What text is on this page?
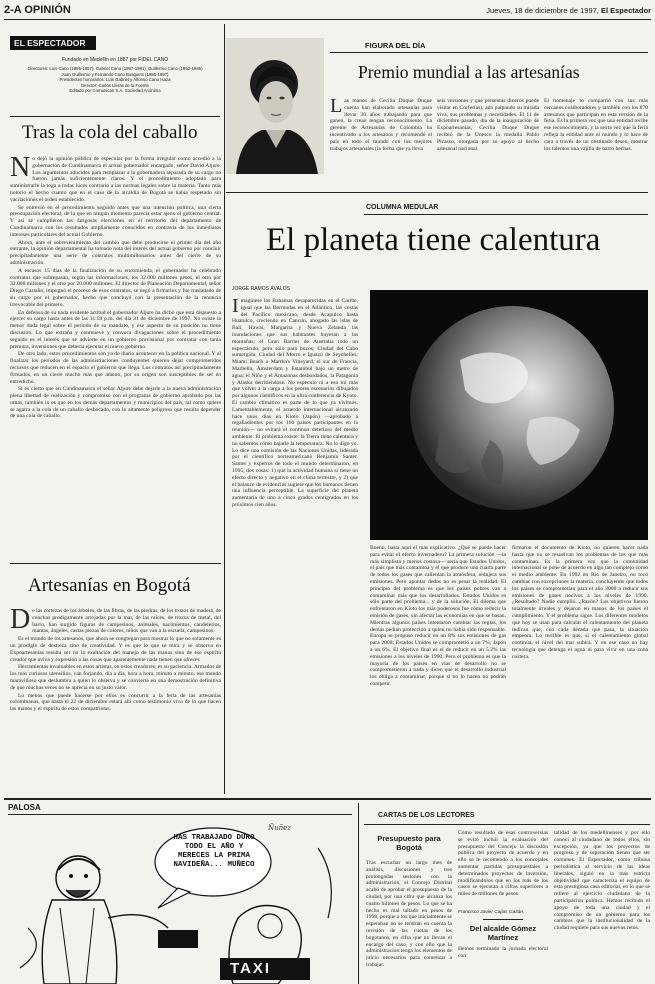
2-A OPINIÓN	Jueves, 18 de diciembre de 1997, El Espectador
EL ESPECTADOR
Fundado en Medellín en 1887 por FIDEL CANO
Directores: Luis Cano (1895-1957), Gabriel Cano (1957-1981), Guillermo Cano (1952-1986)
Juan Guillermo y Fernando Cano Busquets (1986-1997)
Presidentes honorarios: Luis Gabriel y Alfonso Cano Isaza
Director: Carlos Lleras de la Fuente
Editado por Comunican S.A. Sociedad Anónima
Tras la cola del caballo

No dejó la opinión pública de especular por la forma irregular como accedió a la gobernación de Cundinamarca el actual gobernador encargado, señor David Aljure. Los argumentos aducidos para remplazar a la gobernadora separada de su cargo no fueron jamás suficientemente claros. Y el procedimiento adoptado para suministrarle la toga a todas luces contrario a las normas legales sobre la materia. Tanto más notorio el hecho cuanto que en el caso de la alcaldía de Bogotá se había respetado sin vacilaciones el orden establecido.

Se entrevió en el procedimiento seguido antes que una intención política, una cierta preocupación electoral, de la que en ningún momento parecía estar ajeno el gobierno central. Y así se cumplieron las fatigosas elecciones en el territorio del departamento de Cundinamarca con los resultados ampliamente conocidos en contravía de los inmediatos intereses particulares del actual Gobierno.

Ahora, ante el sobrevenimiento del cambio que debe producirse el primer día del año entrante, la opinión departamental ha tomado nota del interés del actual gobierno por concluir precipitadamente una serie de contratos multimillonarios antes del cierre de su administración.

A escasos 15 días de la finalización de su encomienda, el gobernador ha celebrado contratos que sobrepasan, según las informaciones, los 32.000 millones pesos, el otro por 32.000 millones y el otro por 20.000 millones. El director de Planeación Departamental, señor Diego Castaño, impugnó el proceso de esos contratos, se negó a firmarlos y fue trasladado de su cargo por el gobernador, hecho que concluyó con la presentación de la renuncia irrevocable del primero.

En defensa de su nada evidente actitud el gobernador Aljure ha dicho que está dispuesto a ejercer su cargo hasta antes de las 11:59 p.m. del día 31 de diciembre de 1997. No existe la menor duda legal sobre el período de su mandato, y ese aspecto de su posición no tiene discusión. Lo que extraña y conmueve y convoca divagaciones sobre el procedimiento seguido es el interés que se advierte en un gobierno provisional por contratar con tanta premura, inversiones que debería ejecutar el nuevo gobierno.

De otro lado, estos procedimientos son ya de diario acontecer en la política nacional. Y al finalizar los períodos de las administraciones conduyentes quieren dejar comprometidos recursos que reducen en el espacio el gobierno que llega. Los contratos así precipitadamente firmados, en un cierre mucho más que ameno, por su origen son susceptibles de ser en entredicho.

Sí es cierto que en Cundinamarca el señor Aljure debe dejarle a la nueva administración plena libertad de realización y compromiso con el programa de gobierno aprobado por las urnas, también lo es que en los demás departamentos y municipios del país, tal como quiere se agarra a la cola de un caballo desbocado, con lo altamente peligroso que resulta depender de una cola de caballo.

Artesanías en Bogotá

De las cortezas de los árboles, de las fibras, de las piedras, de los trozos de madera, de conchas prodigamente arrojadas por la mar, de las raíces, de trozos de metal, del barro, han surgido figuras de campesinos, animales, nacimientos, candelerios, mantas, ángeles, castas piezas de colores, niños que van a la escuela, campesinos.

Es el mundo de los artesanos, que ahora se congregan para mostrar lo que no solamente es un prodigio de destreza sino de creatividad. Y es que lo que se mira y se observa en Expoartesanías resulta ser no la exaltación del manejo de las manos sino de ese espíritu creador que aviva y expresión a las cosas que aparentemente nada tienen que ofrecer.

Herramientas invaluables en estos artistas, en estos creadores, es su paciencia. Armados de los más curiosos utensilios, van forjando, día a día, hora a hora, minuto a minuto, ese mundo maravilloso que deslumbra a quien lo observa y se convierte en una demostración definitiva de que muchas veces no se aprecia en su justo valor.

Lo menos que puede hacerse por ellos es concurrir a la feria de las artesanías colombianas, que hasta el 22 de diciembre estará allí como testimonio vivo de lo que hacen las manos y el espíritu de estos compatriotas.

FIGURA DEL DÍA
Premio mundial a las artesanías
Las manos de Cecilia Duque Duque cuenta han elaborado artesanías para llevar 30 años trabajando para que ganen, la crean tengan reconocimiento. La gerente de Artesanías de Colombia ha incentivado a los artesanos y recomendó el país en todo el mundo con los mejores trabajos artesanales (la fecha que ya lleva
seis versiones y que presentas dineros puede visitar en Corferias), aún palpando su mirada viva, sus problemas y necesidades. El 11 de diciembre pasado, día de la inauguración de Expoartesanías, Cecilia Duque Duque recibió de la Unesco la medalla Pablo Picasso, otorgada por su apoyo al hecho artesanal nacional.
El homenaje lo compartió con sus más cercanos colaboradores y también con los 870 artesanos que participan en esta versión de la feria. Es la primera vez que una entidad recibe ese reconocimiento, y la sexta vez que la feria refleja la entidad ante el mundo y lo hace de cara a través de un obstinado deseo, mostrar los talentos una vajilla de barro hechas.
COLUMNA MEDULAR
El planeta tiene calentura
JORGE RAMOS ÁVALOS
Imagínese las Bahamas desaparecidas en el Caribe, igual que las Bermudas en el Atlántico, las costas del Pacífico mexicano, desde Acapulco hasta Huatulco, creciendo en Cancún, ahogado las islas de Bali, Hawai, Margarita y Nueva Zelanda las inundaciones que sus habitantes huyeran a las montañas; el Gran Barrier de Australia todo un espectáculo, pero sólo para buzos; Ciudad del Cabo sumergida, Ciudad del Morro e Iguazú de Seychelles; Miami Beach o Martha's Vineyard; el sur de Francia, Marbella, Ámsterdam y Estambul bajo un metro de agua; el Niño y el Amazonas desbordados, la Patagonia y Alaska derritiéndose. No especulo ni a eso mi más que volver a la carga a los peores escenarios dibujados por algunos científicos en la ultra conferencia de Kyoto. El cambio climático es parte de lo que ya vivimos. Lamentablemente, el acuerdo internacional alcanzado hace unos días en Kioto (Japón) —aprobado a regañadientes por los 160 países participantes en la reunión— no evitará el continuo deterioro del medio ambiente. El problema existe: la Tierra tiene calentura y no sabemos cómo bajarle la temperatura. No lo digo yo. Lo dice una comisión de las Naciones Unidas, liderada por el científico norteamericano Benjamín Santer. Santer y expertos de todo el mundo determinaron, en 1995, dos cosas: 1) que la actividad humana si tiene un efecto directo y negativo en el clima terrestre, y 2) que el balance de evidencias sugiere que los humanos tienen una influencia perceptible. La superficie del planeta aumentaría de uno a cinco grados centígrados en los próximos cien años.
Bueno, hasta aquí el más explicativo. ¿Qué se puede hacer para evitar el efecto invernadero? La primera solución —la más simplista y menos costosa— sería que Estados Unidos, el país que más contamina y el que produce una cuarta parte de todos los gases que calientan la atmósfera, redujera sus emisiones. Pero apuntar dedos no es pesar la realidad. El principio del problema es que los países pobres van a contaminar más que los desarrollados. Estados Unidos es sólo parte del problema... y de la solución. El dilema que enfrentaron en Kioto los más poderosos fue cómo reducir la emisión de gases, sin afectar las economías en que se basan. Mientras algunos países intentaron cambiar las reglas, los demás pedían protección a quien no había sido responsable. Europa se propuso reducir en un 8% sus emisiones de gas para 2008; Estados Unidos se comprometió a un 7%; Japón a un 6%. El objetivo final es el de reducir en un 5.2% las emisiones a los niveles de 1990. Pero el problema es que la mayoría de los países en vías de desarrollo no se comprometieron a nada y dicen que el desarrollo industrial los obliga a contaminar, porque si no lo hacen no podrán competir.
firmaron el documento de Kioto, no quieren hacer nada hasta que no se resuelvan los problemas de los que más contaminan. Es la primera vez que la comunidad internacional se pone de acuerdo en algo tan complejo como el medio ambiente. En 1992 en Río de Janeiro, no tocó cambiar con excepciones la materia, concluyendo que todos los países se comprometían para el año 2000 a reducir sus emisiones de gases nocivos a los niveles de 1990. ¿Resultado? Nadie cumplió. ¿Razón? Los objetivos fueron totalmente irreales y dejaron en manos de los países el cumplimiento. Y el problema sigue. Los diferentes modelos que hoy se usan para calcular el calentamiento del planeta indican que, con cada década que pasa, la situación empeora. Lo terrible es que, si el calentamiento global continúa, el nivel del mar subirá. Y en ese caso no hay tecnología que detenga el agua ni para vivir en una zona costera.
PALOSA
HAS TRABAJADO DURO TODO EL AÑO Y MERECES LA PRIMA NAVIDEÑA... MUÑECO
TAXI
Ñuñez
CARTAS DE LOS LECTORES
Presupuesto para Bogotá
Tras escuchar un largo mes de análisis, discusiones y tres prolongadas sesiones con la administración, el Concejo Distrital acabó de aprobar el presupuesto de la ciudad, por una cifra que alcanza los cuatro billones de pesos. Lo que se ha hecho es mal tallado en pesos de 1998, porque a los que inicialmente se esperaban no se tendrán en cuenta la revisión de las cuotas de los bogotanos, en cifra que no llevan el encargo del caso, y con ello que la administración tenga los elementos de juicio necesarios para comenzar a trabajar.
Como resultado de esas controversias se evitó incluir la evaluación del presupuesto del Concejo la discusión pública del proyecto de acuerdo y en ello se le recomendó a los concejales aumentar partidas presupuestales a determinados proyectos de inversión, modificándolos que en los más de los casos se ejecutan a cifras superiores a miles de millones de pesos.
Francisco Javier Cajias Gaitán.
Del alcalde Gómez Martínez
Hemos terminado la jornada electoral con
talidad de los medellinenses y por ello conocí al ciudadano de todos ellos, sin excepción, ya que los proyectos de progreso y de superación tienen que ser comunes. El Espectador, como tribuna periodística al servicio de las ideas liberales, siguió en la más estricta objetividad que caracteriza el equipo de esta prestigiosa casa editorial, en lo que se refiere al ejercicio ciudadano de la participación política. Hemos recibido el apoyo de toda una ciudad y el compromiso de un gobierno para los cambios que la institucionalidad de la ciudad requiere para sus nuevos retos.
